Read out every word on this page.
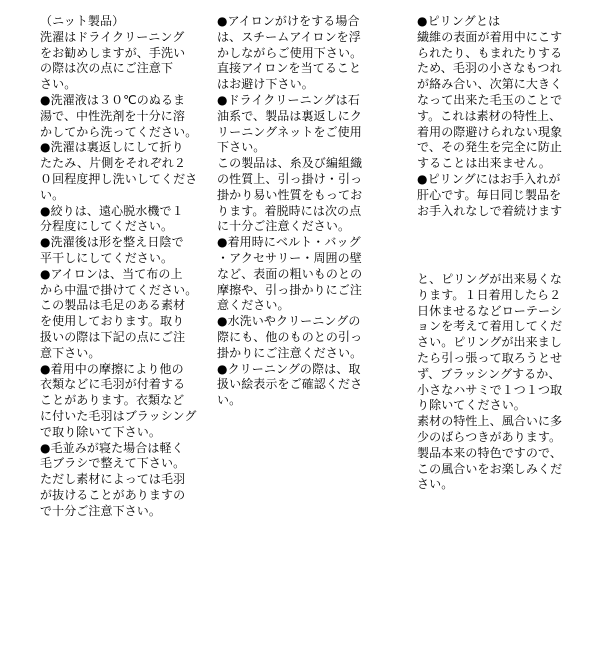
（ニット製品）
洗濯はドライクリーニング
をお勧めしますが、手洗い
の際は次の点にご注意下
さい。
●洗濯液は３０℃のぬるま
湯で、中性洗剤を十分に溶
かしてから洗ってください。
●洗濯は裏返しにして折り
たたみ、片側をそれぞれ２
０回程度押し洗いしてくださ
い。
●絞りは、遠心脱水機で１
分程度にしてください。
●洗濯後は形を整え日陰で
平干しにしてください。
●アイロンは、当て布の上
から中温で掛けてください。
この製品は毛足のある素材
を使用しております。取り
扱いの際は下記の点にご注
意下さい。
●着用中の摩擦により他の
衣類などに毛羽が付着する
ことがあります。衣類など
に付いた毛羽はブラッシング
で取り除いて下さい。
●毛並みが寝た場合は軽く
毛ブラシで整えて下さい。
ただし素材によっては毛羽
が抜けることがありますの
で十分ご注意下さい。
●アイロンがけをする場合
は、スチームアイロンを浮
かしながらご使用下さい。
直接アイロンを当てること
はお避け下さい。
●ドライクリーニングは石
油系で、製品は裏返しにク
リーニングネットをご使用
下さい。
この製品は、糸及び編組織
の性質上、引っ掛け・引っ
掛かり易い性質をもってお
ります。着脱時には次の点
に十分ご注意ください。
●着用時にベルト・バッグ
・アクセサリー・周囲の壁
など、表面の粗いものとの
摩擦や、引っ掛かりにご注
意ください。
●水洗いやクリーニングの
際にも、他のものとの引っ
掛かりにご注意ください。
●クリーニングの際は、取
扱い絵表示をご確認くださ
い。
●ピリングとは
繊維の表面が着用中にこす
られたり、もまれたりする
ため、毛羽の小さなもつれ
が絡み合い、次第に大きく
なって出来た毛玉のことで
す。これは素材の特性上、
着用の際避けられない現象
で、その発生を完全に防止
することは出来ません。
●ピリングにはお手入れが
肝心です。毎日同じ製品を
お手入れなしで着続けます
と、ピリングが出来易くな
ります。１日着用したら２
日休ませるなどローテーシ
ョンを考えて着用してくだ
さい。ピリングが出来まし
たら引っ張って取ろうとせ
ず、ブラッシングするか、
小さなハサミで１つ１つ取
り除いてください。
素材の特性上、風合いに多
少のばらつきがあります。
製品本来の特色ですので、
この風合いをお楽しみくだ
さい。
